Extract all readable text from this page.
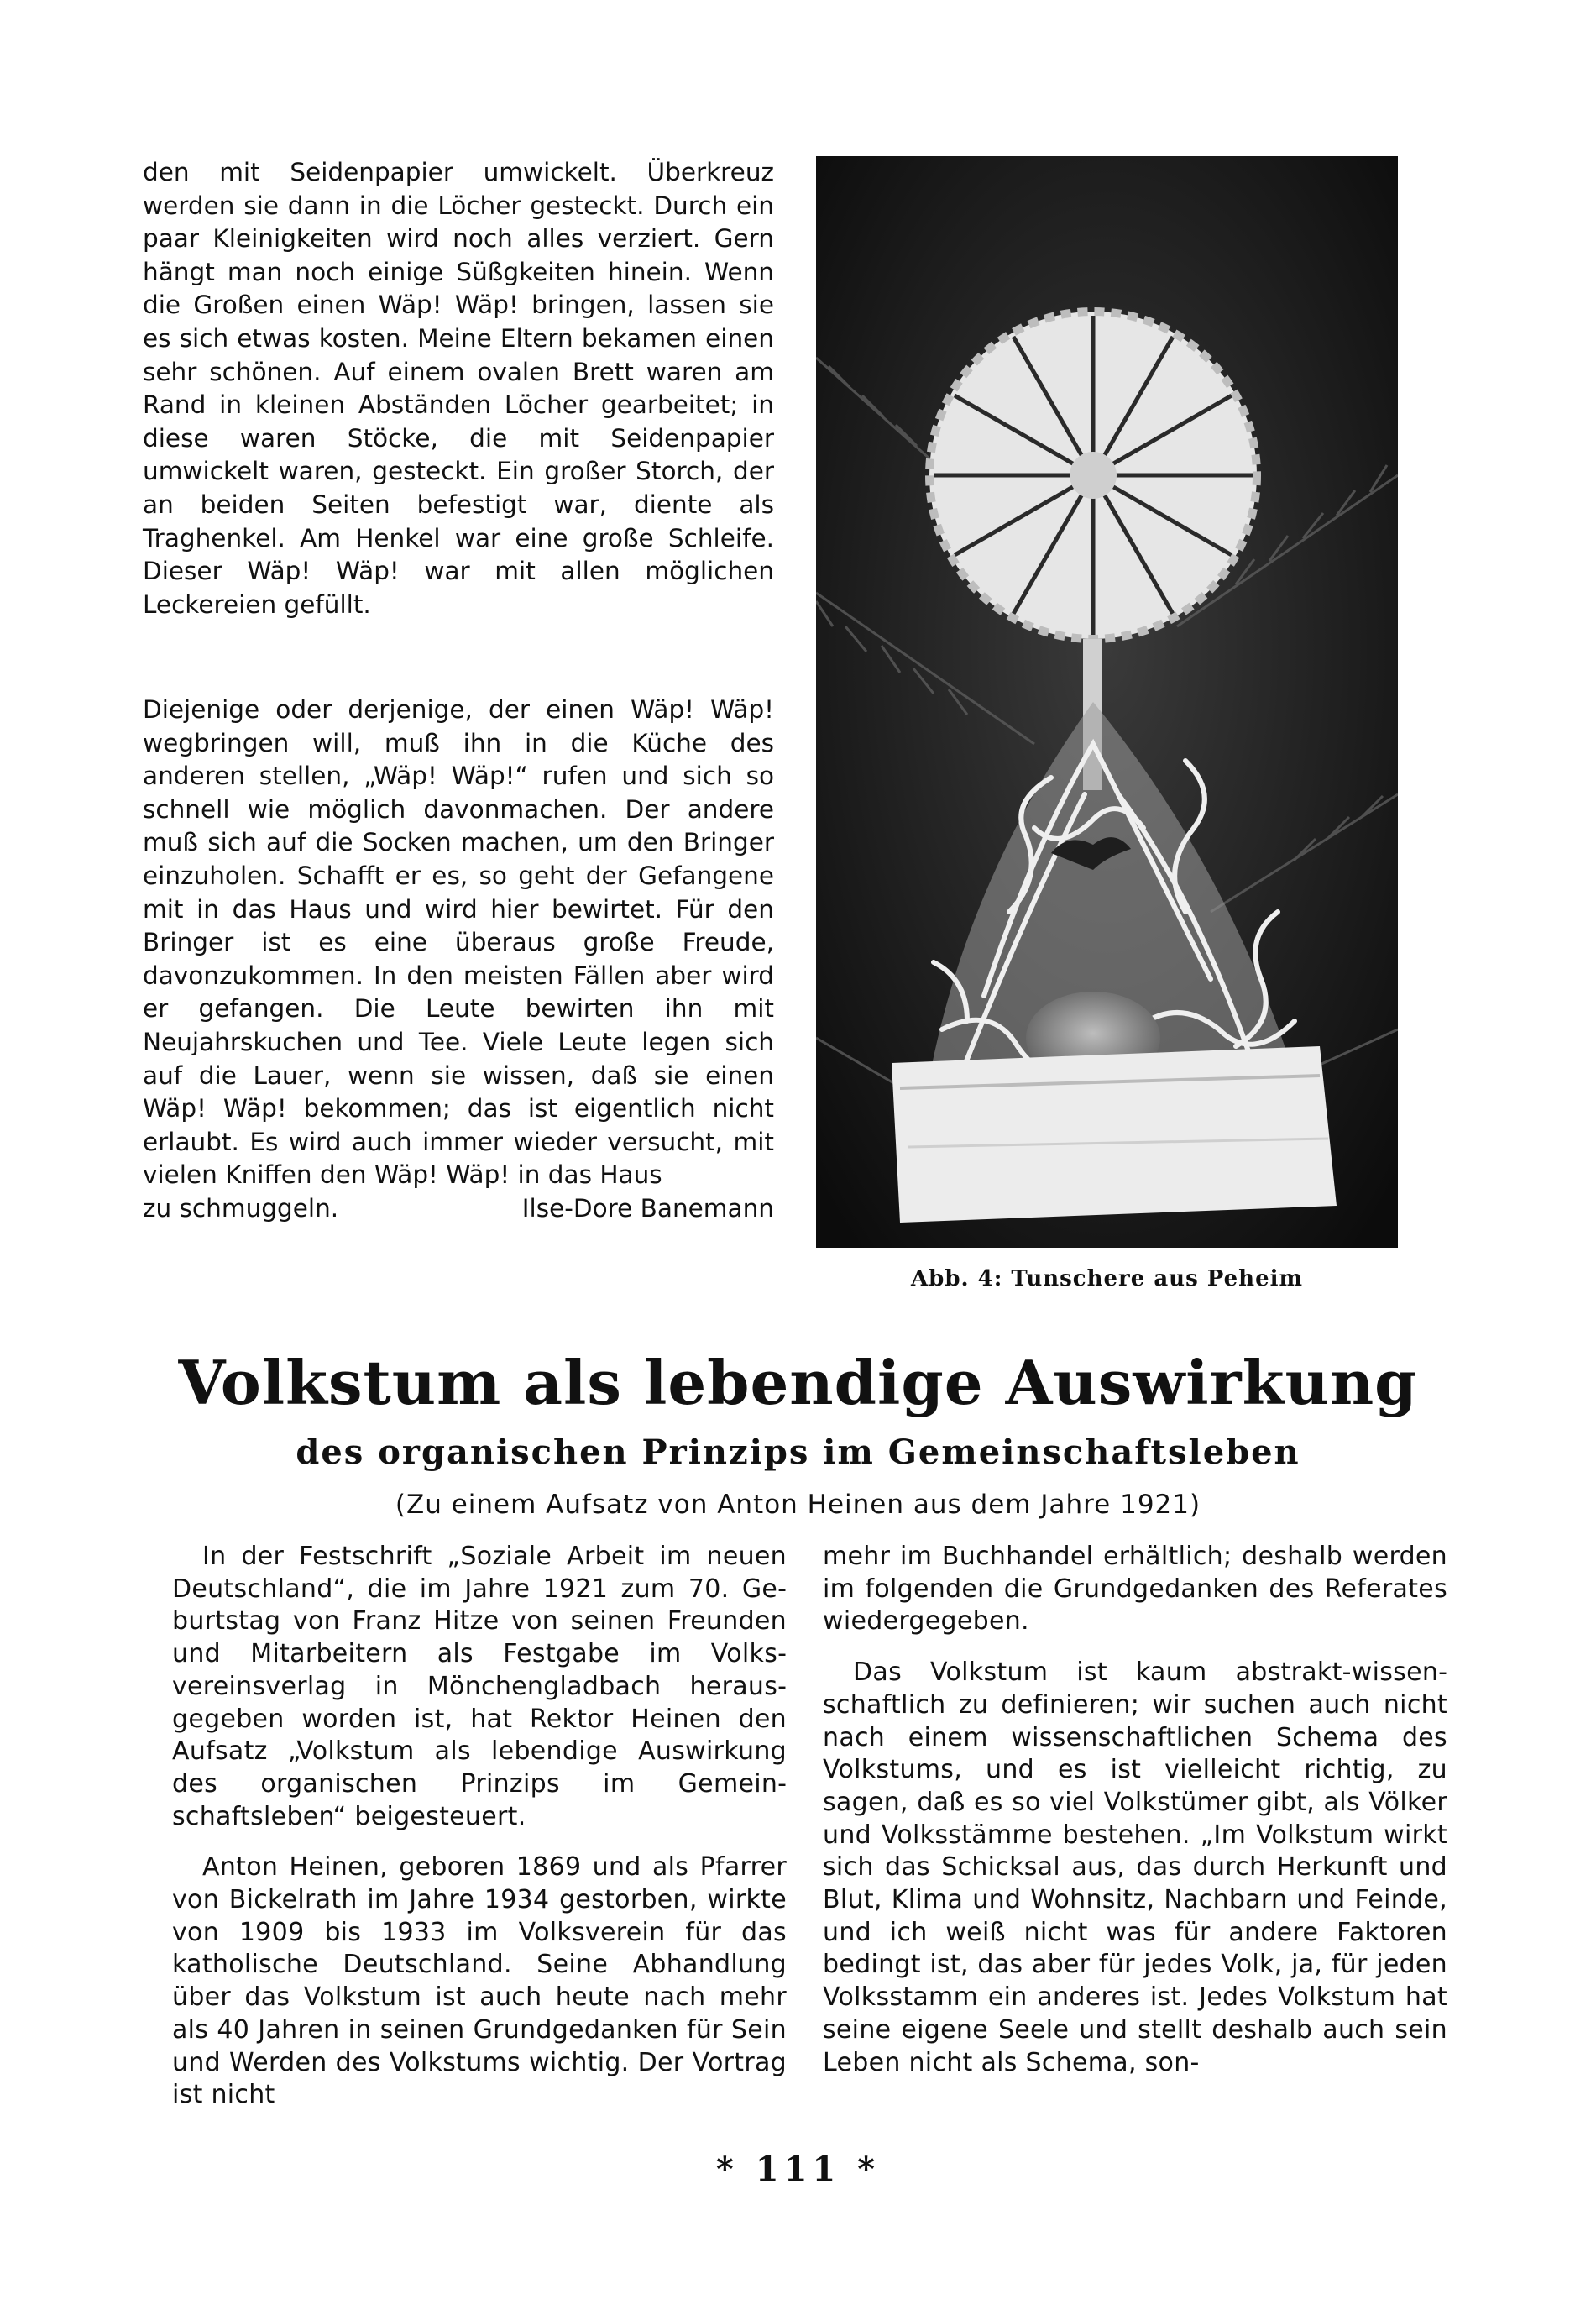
den mit Seidenpapier umwickelt. Überkreuz werden sie dann in die Löcher gesteckt. Durch ein paar Kleinigkeiten wird noch alles verziert. Gern hängt man noch einige Süßgkeiten hinein. Wenn die Großen einen Wäp! Wäp! bringen, lassen sie es sich etwas kosten. Meine Eltern bekamen einen sehr schönen. Auf einem ovalen Brett waren am Rand in kleinen Abständen Löcher gearbeitet; in diese waren Stöcke, die mit Seidenpapier umwickelt waren, gesteckt. Ein großer Storch, der an beiden Seiten befestigt war, diente als Traghenkel. Am Henkel war eine große Schleife. Dieser Wäp! Wäp! war mit allen möglichen Leckereien gefüllt.

Diejenige oder derjenige, der einen Wäp! Wäp! wegbringen will, muß ihn in die Küche des anderen stellen, „Wäp! Wäp!“ rufen und sich so schnell wie möglich davonmachen. Der andere muß sich auf die Socken machen, um den Bringer einzuholen. Schafft er es, so geht der Gefangene mit in das Haus und wird hier bewirtet. Für den Bringer ist es eine überaus große Freude, davonzukommen. In den meisten Fällen aber wird er gefangen. Die Leute bewirten ihn mit Neujahrskuchen und Tee. Viele Leute legen sich auf die Lauer, wenn sie wissen, daß sie einen Wäp! Wäp! bekommen; das ist eigentlich nicht erlaubt. Es wird auch immer wieder versucht, mit vielen Kniffen den Wäp! Wäp! in das Haus
zu schmuggeln.	Ilse-Dore Banemann
Abb. 4: Tunschere aus Peheim
Volkstum als lebendige Auswirkung
des organischen Prinzips im Gemeinschaftsleben

(Zu einem Aufsatz von Anton Heinen aus dem Jahre 1921)

In der Festschrift „Soziale Arbeit im neuen Deutschland“, die im Jahre 1921 zum 70. Geburtstag von Franz Hitze von seinen Freunden und Mitarbeitern als Festgabe im Volksvereinsverlag in Mönchengladbach herausgegeben worden ist, hat Rektor Heinen den Aufsatz „Volkstum als lebendige Auswirkung des organischen Prinzips im Gemeinschaftsleben“ beigesteuert.

Anton Heinen, geboren 1869 und als Pfarrer von Bickelrath im Jahre 1934 gestorben, wirkte von 1909 bis 1933 im Volksverein für das katholische Deutschland. Seine Abhandlung über das Volkstum ist auch heute nach mehr als 40 Jahren in seinen Grundgedanken für Sein und Werden des Volkstums wichtig. Der Vortrag ist nicht

mehr im Buchhandel erhältlich; deshalb werden im folgenden die Grundgedanken des Referates wiedergegeben.

Das Volkstum ist kaum abstrakt-wissenschaftlich zu definieren; wir suchen auch nicht nach einem wissenschaftlichen Schema des Volkstums, und es ist vielleicht richtig, zu sagen, daß es so viel Volkstümer gibt, als Völker und Volksstämme bestehen. „Im Volkstum wirkt sich das Schicksal aus, das durch Herkunft und Blut, Klima und Wohnsitz, Nachbarn und Feinde, und ich weiß nicht was für andere Faktoren bedingt ist, das aber für jedes Volk, ja, für jeden Volksstamm ein anderes ist. Jedes Volkstum hat seine eigene Seele und stellt deshalb auch sein Leben nicht als Schema, son-

* 111 *
